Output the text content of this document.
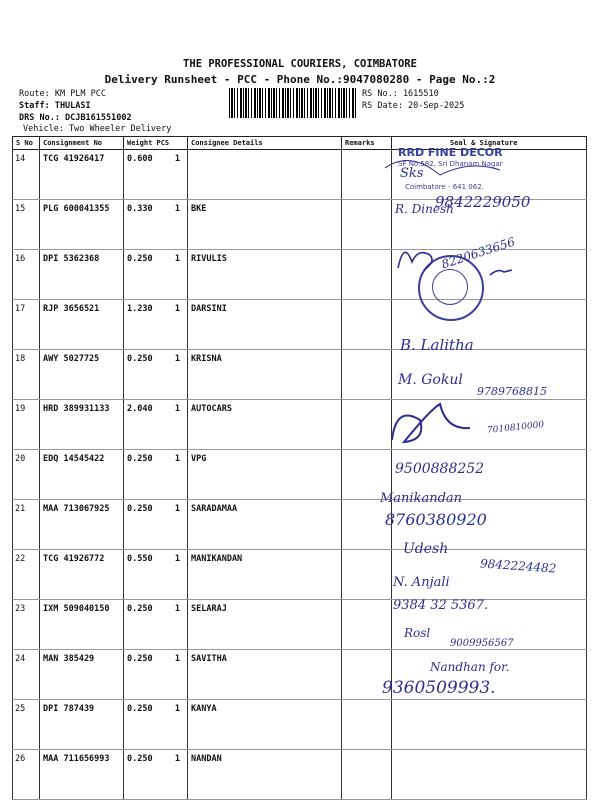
THE PROFESSIONAL COURIERS, COIMBATORE
Delivery Runsheet - PCC - Phone No.:9047080280 - Page No.:2
Route: KM PLM PCC
Staff: THULASI
DRS No.: DCJB161551002
Vehicle: Two Wheeler Delivery
RS No.: 1615510
RS Date: 20-Sep-2025
S No	Consignment No	Weight PCS	Consignee Details	Remarks	Seal & Signature
14	TCG 41926417	0.600 1			

15	PLG 600041355	0.330 1	BKE		
16	DPI 5362368	0.250 1	RIVULIS		
17	RJP 3656521	1.230 1	DARSINI		
18	AWY 5027725	0.250 1	KRISNA		
19	HRD 389931133	2.040 1	AUTOCARS		
20	EDQ 14545422	0.250 1	VPG		
21	MAA 713067925	0.250 1	SARADAMAA		
22	TCG 41926772	0.550 1	MANIKANDAN		
23	IXM 509040150	0.250 1	SELARAJ		
24	MAN 385429	0.250 1	SAVITHA		
25	DPI 787439	0.250 1	KANYA		
26	MAA 711656993	0.250 1	NANDAN		
RRD FINE DECOR
SF No.582, Sri Dhanam Nagar
Coimbatore - 641 062.
Sks
R. Dinesh
9842229050
8220633656
B. Lalitha
M. Gokul
9789768815
7010810000
9500888252
Manikandan
8760380920
Udesh
9842224482
N. Anjali
9384 32 5367.
Rosl
9009956567
Nandhan for.
9360509993.
